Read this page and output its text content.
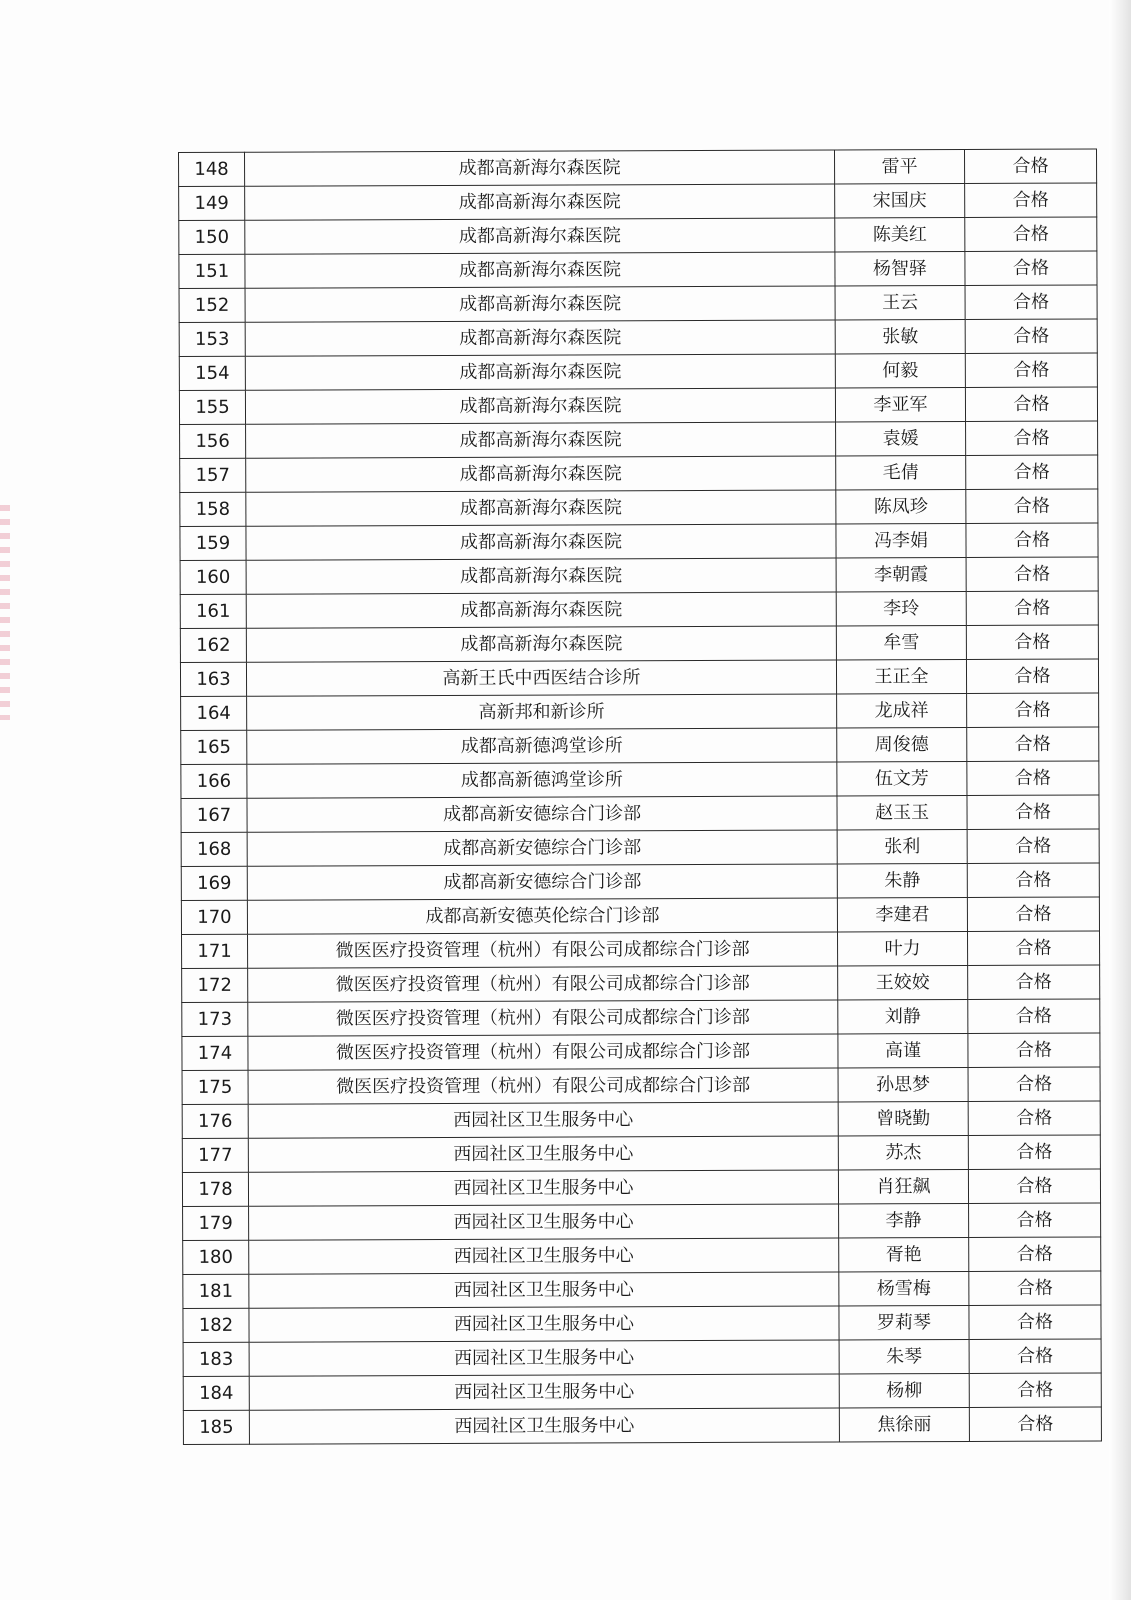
148	成都高新海尔森医院	雷平	合格
149	成都高新海尔森医院	宋国庆	合格
150	成都高新海尔森医院	陈美红	合格
151	成都高新海尔森医院	杨智驿	合格
152	成都高新海尔森医院	王云	合格
153	成都高新海尔森医院	张敏	合格
154	成都高新海尔森医院	何毅	合格
155	成都高新海尔森医院	李亚军	合格
156	成都高新海尔森医院	袁媛	合格
157	成都高新海尔森医院	毛倩	合格
158	成都高新海尔森医院	陈凤珍	合格
159	成都高新海尔森医院	冯李娟	合格
160	成都高新海尔森医院	李朝霞	合格
161	成都高新海尔森医院	李玲	合格
162	成都高新海尔森医院	牟雪	合格
163	高新王氏中西医结合诊所	王正全	合格
164	高新邦和新诊所	龙成祥	合格
165	成都高新德鸿堂诊所	周俊德	合格
166	成都高新德鸿堂诊所	伍文芳	合格
167	成都高新安德综合门诊部	赵玉玉	合格
168	成都高新安德综合门诊部	张利	合格
169	成都高新安德综合门诊部	朱静	合格
170	成都高新安德英伦综合门诊部	李建君	合格
171	微医医疗投资管理（杭州）有限公司成都综合门诊部	叶力	合格
172	微医医疗投资管理（杭州）有限公司成都综合门诊部	王姣姣	合格
173	微医医疗投资管理（杭州）有限公司成都综合门诊部	刘静	合格
174	微医医疗投资管理（杭州）有限公司成都综合门诊部	高谨	合格
175	微医医疗投资管理（杭州）有限公司成都综合门诊部	孙思梦	合格
176	西园社区卫生服务中心	曾晓勤	合格
177	西园社区卫生服务中心	苏杰	合格
178	西园社区卫生服务中心	肖狂飙	合格
179	西园社区卫生服务中心	李静	合格
180	西园社区卫生服务中心	胥艳	合格
181	西园社区卫生服务中心	杨雪梅	合格
182	西园社区卫生服务中心	罗莉琴	合格
183	西园社区卫生服务中心	朱琴	合格
184	西园社区卫生服务中心	杨柳	合格
185	西园社区卫生服务中心	焦徐丽	合格
